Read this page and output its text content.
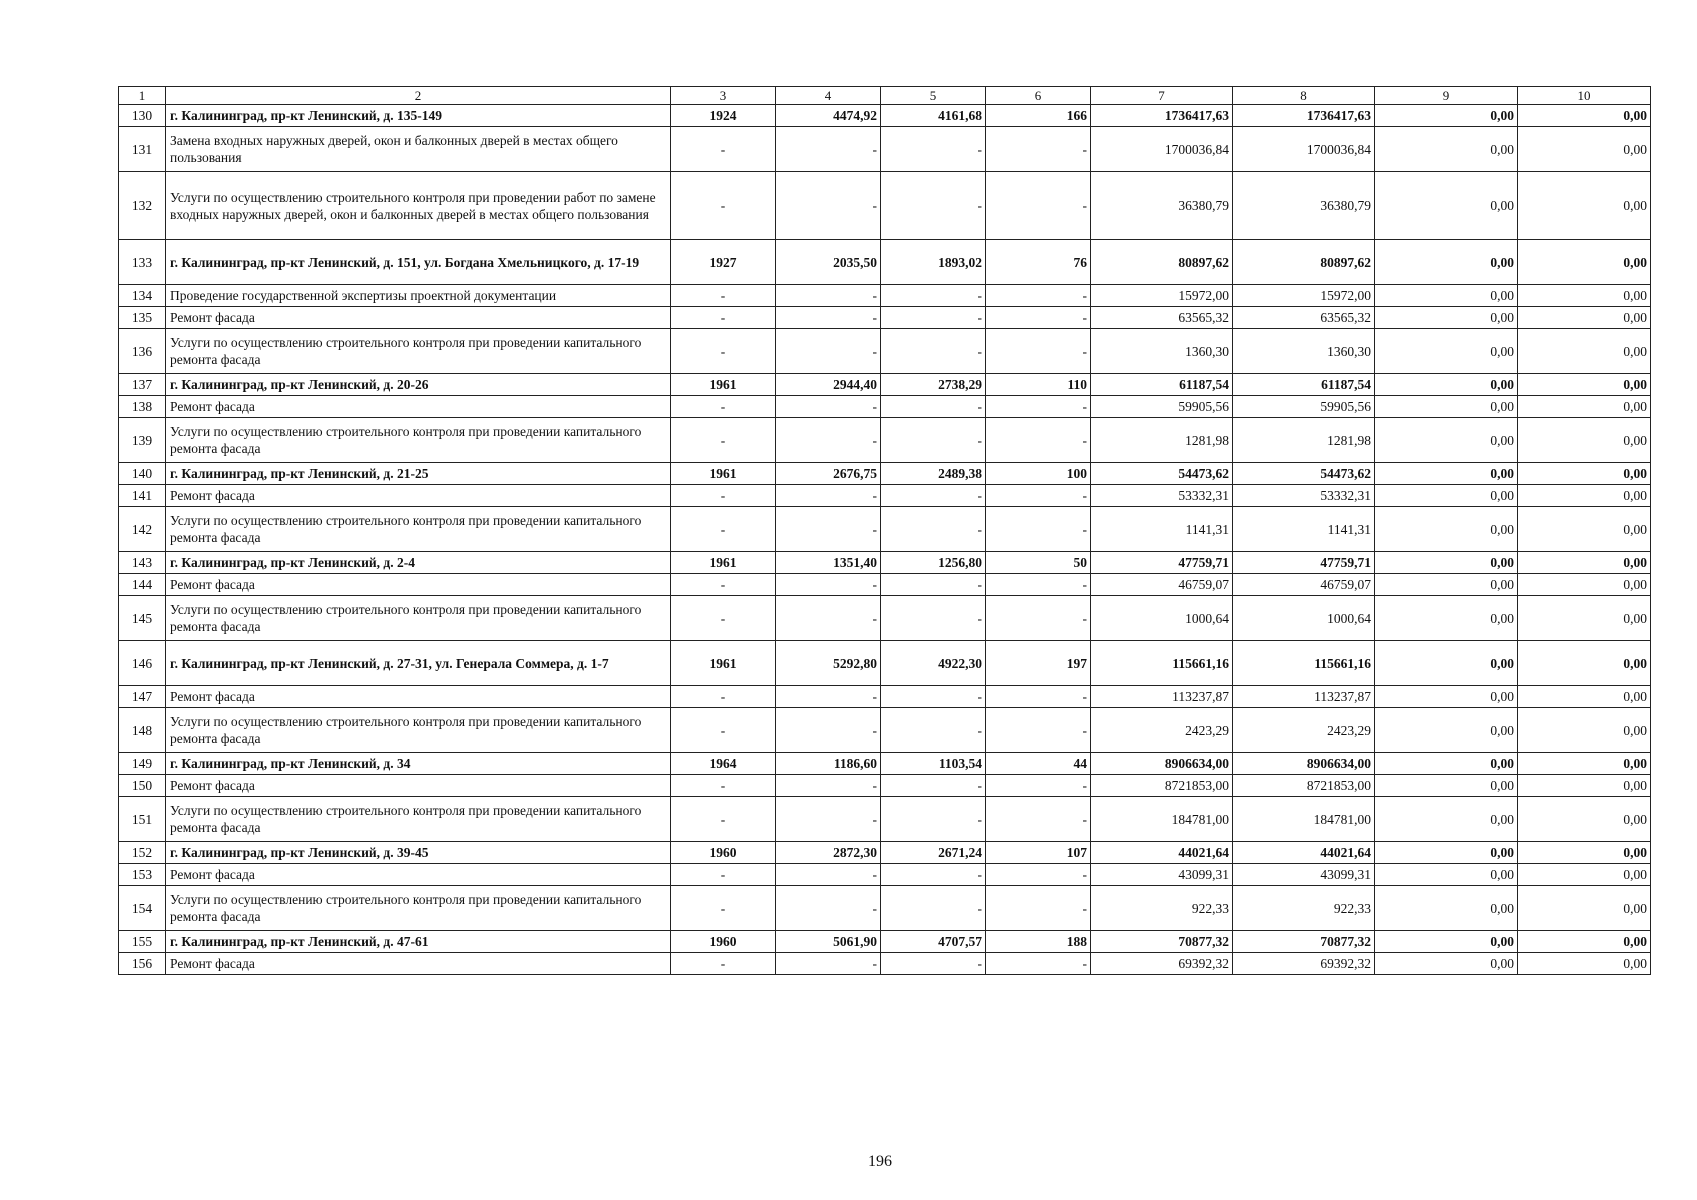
1	2	3	4	5	6	7	8	9	10
130	г. Калининград, пр-кт Ленинский, д. 135-149	1924	4474,92	4161,68	166	1736417,63	1736417,63	0,00	0,00
131	Замена входных наружных дверей, окон и балконных дверей в местах общего пользования	-	-	-	-	1700036,84	1700036,84	0,00	0,00
132	Услуги по осуществлению строительного контроля при проведении работ по замене входных наружных дверей, окон и балконных дверей в местах общего пользования	-	-	-	-	36380,79	36380,79	0,00	0,00
133	г. Калининград, пр-кт Ленинский, д. 151, ул. Богдана Хмельницкого, д. 17-19	1927	2035,50	1893,02	76	80897,62	80897,62	0,00	0,00
134	Проведение государственной экспертизы проектной документации	-	-	-	-	15972,00	15972,00	0,00	0,00
135	Ремонт фасада	-	-	-	-	63565,32	63565,32	0,00	0,00
136	Услуги по осуществлению строительного контроля при проведении капитального ремонта фасада	-	-	-	-	1360,30	1360,30	0,00	0,00
137	г. Калининград, пр-кт Ленинский, д. 20-26	1961	2944,40	2738,29	110	61187,54	61187,54	0,00	0,00
138	Ремонт фасада	-	-	-	-	59905,56	59905,56	0,00	0,00
139	Услуги по осуществлению строительного контроля при проведении капитального ремонта фасада	-	-	-	-	1281,98	1281,98	0,00	0,00
140	г. Калининград, пр-кт Ленинский, д. 21-25	1961	2676,75	2489,38	100	54473,62	54473,62	0,00	0,00
141	Ремонт фасада	-	-	-	-	53332,31	53332,31	0,00	0,00
142	Услуги по осуществлению строительного контроля при проведении капитального ремонта фасада	-	-	-	-	1141,31	1141,31	0,00	0,00
143	г. Калининград, пр-кт Ленинский, д. 2-4	1961	1351,40	1256,80	50	47759,71	47759,71	0,00	0,00
144	Ремонт фасада	-	-	-	-	46759,07	46759,07	0,00	0,00
145	Услуги по осуществлению строительного контроля при проведении капитального ремонта фасада	-	-	-	-	1000,64	1000,64	0,00	0,00
146	г. Калининград, пр-кт Ленинский, д. 27-31, ул. Генерала Соммера, д. 1-7	1961	5292,80	4922,30	197	115661,16	115661,16	0,00	0,00
147	Ремонт фасада	-	-	-	-	113237,87	113237,87	0,00	0,00
148	Услуги по осуществлению строительного контроля при проведении капитального ремонта фасада	-	-	-	-	2423,29	2423,29	0,00	0,00
149	г. Калининград, пр-кт Ленинский, д. 34	1964	1186,60	1103,54	44	8906634,00	8906634,00	0,00	0,00
150	Ремонт фасада	-	-	-	-	8721853,00	8721853,00	0,00	0,00
151	Услуги по осуществлению строительного контроля при проведении капитального ремонта фасада	-	-	-	-	184781,00	184781,00	0,00	0,00
152	г. Калининград, пр-кт Ленинский, д. 39-45	1960	2872,30	2671,24	107	44021,64	44021,64	0,00	0,00
153	Ремонт фасада	-	-	-	-	43099,31	43099,31	0,00	0,00
154	Услуги по осуществлению строительного контроля при проведении капитального ремонта фасада	-	-	-	-	922,33	922,33	0,00	0,00
155	г. Калининград, пр-кт Ленинский, д. 47-61	1960	5061,90	4707,57	188	70877,32	70877,32	0,00	0,00
156	Ремонт фасада	-	-	-	-	69392,32	69392,32	0,00	0,00
196
